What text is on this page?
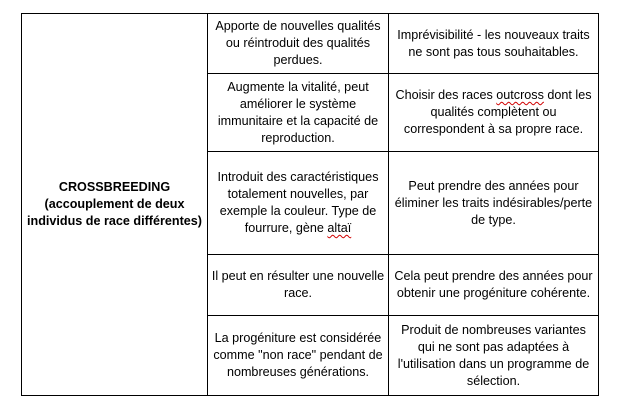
CROSSBREEDING
(accouplement de deux individus de race différentes)	Apporte de nouvelles qualités ou réintroduit des qualités perdues.	Imprévisibilité - les nouveaux traits ne sont pas tous souhaitables.
	Augmente la vitalité, peut améliorer le système immunitaire et la capacité de reproduction.	Choisir des races outcross dont les qualités complètent ou correspondent à sa propre race.
	Introduit des caractéristiques totalement nouvelles, par exemple la couleur. Type de fourrure, gène altaï	Peut prendre des années pour éliminer les traits indésirables/perte de type.
	Il peut en résulter une nouvelle race.	Cela peut prendre des années pour obtenir une progéniture cohérente.
	La progéniture est considérée comme "non race" pendant de nombreuses générations.	Produit de nombreuses variantes qui ne sont pas adaptées à l'utilisation dans un programme de sélection.
